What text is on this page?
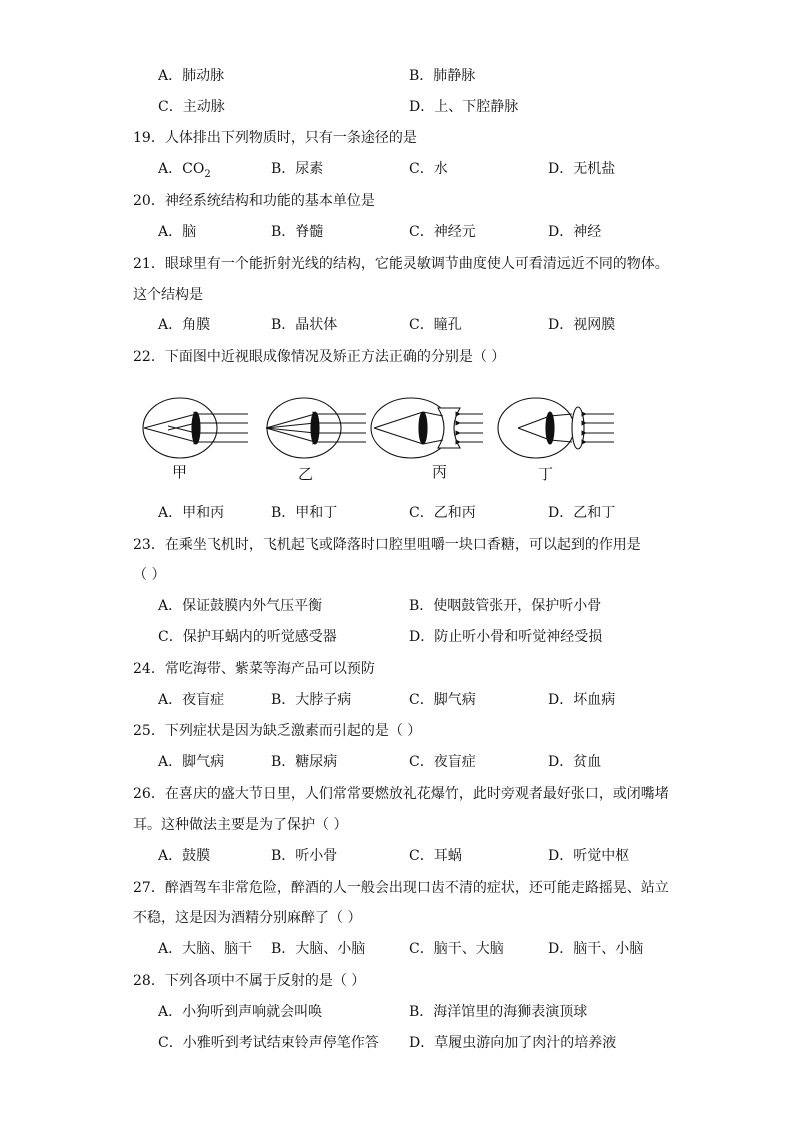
A．肺动脉	B．肺静脉
C．主动脉	D．上、下腔静脉
19．人体排出下列物质时，只有一条途径的是
A．$CO_2$	B．尿素	C．水	D．无机盐
20．神经系统结构和功能的基本单位是
A．脑	B．脊髓	C．神经元	D．神经
21．眼球里有一个能折射光线的结构，它能灵敏调节曲度使人可看清远近不同的物体。
这个结构是
A．角膜	B．晶状体	C．瞳孔	D．视网膜
22．下面图中近视眼成像情况及矫正方法正确的分别是（ ）
甲	乙	丙	丁
A．甲和丙	B．甲和丁	C．乙和丙	D．乙和丁
23．在乘坐飞机时，飞机起飞或降落时口腔里咀嚼一块口香糖，可以起到的作用是
（ ）
A．保证鼓膜内外气压平衡	B．使咽鼓管张开，保护听小骨
C．保护耳蜗内的听觉感受器	D．防止听小骨和听觉神经受损
24．常吃海带、紫菜等海产品可以预防
A．夜盲症	B．大脖子病	C．脚气病	D．坏血病
25．下列症状是因为缺乏激素而引起的是（ ）
A．脚气病	B．糖尿病	C．夜盲症	D．贫血
26．在喜庆的盛大节日里，人们常常要燃放礼花爆竹，此时旁观者最好张口，或闭嘴堵
耳。这种做法主要是为了保护（ ）
A．鼓膜	B．听小骨	C．耳蜗	D．听觉中枢
27．醉酒驾车非常危险，醉酒的人一般会出现口齿不清的症状，还可能走路摇晃、站立
不稳，这是因为酒精分别麻醉了（ ）
A．大脑、脑干 B．大脑、小脑	C．脑干、大脑	D．脑干、小脑
28．下列各项中不属于反射的是（ ）
A．小狗听到声响就会叫唤	B．海洋馆里的海狮表演顶球
C．小雅听到考试结束铃声停笔作答 D．草履虫游向加了肉汁的培养液
